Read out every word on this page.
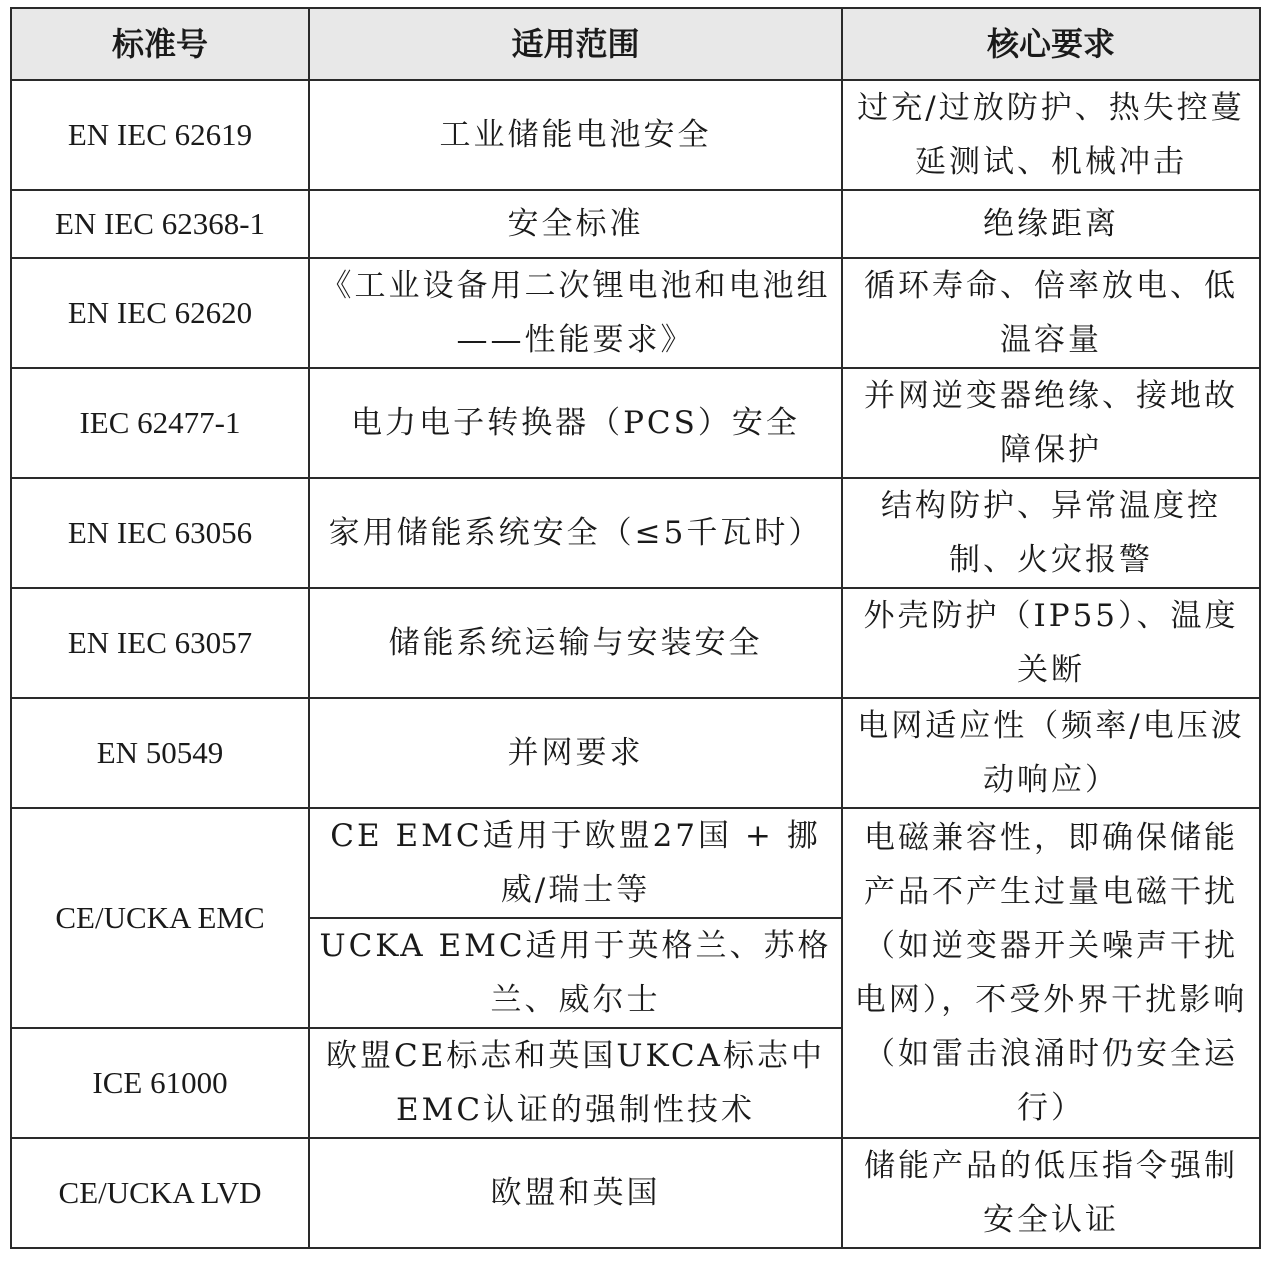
标准号	适用范围	核心要求
EN IEC 62619	工业储能电池安全	过充/过放防护、热失控蔓延测试、机械冲击
EN IEC 62368-1	安全标准	绝缘距离
EN IEC 62620	《工业设备用二次锂电池和电池组——性能要求》	循环寿命、倍率放电、低温容量
IEC 62477-1	电力电子转换器（PCS）安全	并网逆变器绝缘、接地故障保护
EN IEC 63056	家用储能系统安全（≤5千瓦时）	结构防护、异常温度控制、火灾报警
EN IEC 63057	储能系统运输与安装安全	外壳防护（IP55）、温度关断
EN 50549	并网要求	电网适应性（频率/电压波动响应）
CE/UCKA EMC	CE EMC适用于欧盟27国 + 挪威/瑞士等	电磁兼容性，即确保储能产品不产生过量电磁干扰（如逆变器开关噪声干扰电网），不受外界干扰影响（如雷击浪涌时仍安全运行）
	UCKA EMC适用于英格兰、苏格兰、威尔士	
ICE 61000	欧盟CE标志和英国UKCA标志中EMC认证的强制性技术	
CE/UCKA LVD	欧盟和英国	储能产品的低压指令强制安全认证
